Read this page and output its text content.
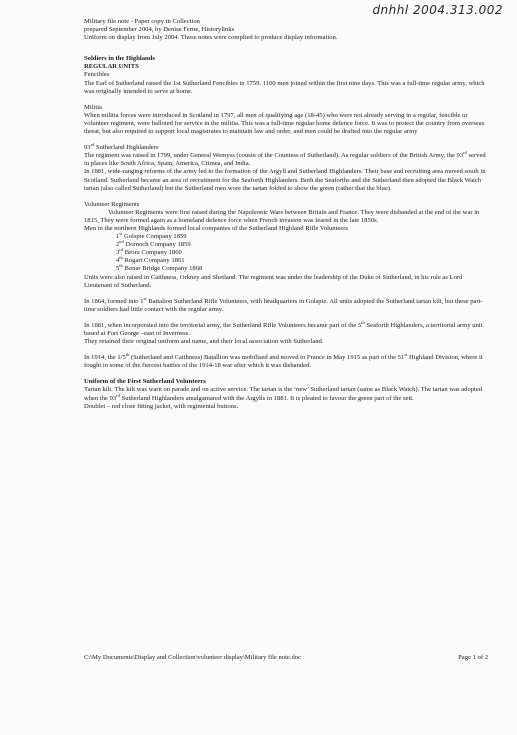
dnhhl 2004.313.002
Military file note - Paper copy in Collection
prepared September 2004, by Denise Ferne, Historylinks
Uniform on display from July 2004. These notes were complied to produce display information.
Soldiers in the Highlands
REGULAR UNITS
Fencibles

The Earl of Sutherland raised the 1st Sutherland Fencibles in 1759. 1100 men joined within the first nine days. This was a full-time regular army, which was originally intended to serve at home.

Militia

When militia forces were introduced in Scotland in 1797, all men of qualifying age (18-45) who were not already serving in a regular, fencible or volunteer regiment, were balloted for service in the militia. This was a full-time regular home defence force. It was to protect the country from overseas threat, but also required to support local magistrates to maintain law and order, and men could be drafted into the regular army

93rd Sutherland Highlanders

The regiment was raised in 1799, under General Wemyss (cousin of the Countess of Sutherland). As regular soldiers of the British Army, the 93rd served in places like South Africa, Spain, America, Crimea, and India.

In 1881, wide-ranging reforms of the army led to the formation of the Argyll and Sutherland Highlanders. Their base and recruiting area moved south in Scotland. Sutherland became an area of recruitment for the Seaforth Highlanders. Both the Seaforths and the Sutherland then adopted the Black Watch tartan (also called Sutherland) but the Sutherland men wore the tartan folded to show the green (rather that the blue).

Volunteer Regiments

Volunteer Regiments were first raised during the Napoleonic Wars between Britain and France. They were disbanded at the end of the war in 1815, They were formed again as a homeland defence force when French invasion was feared in the late 1850s.

Men in the northern Highlands formed local companies of the Sutherland Highland Rifle Volunteers

1st Golspie Company 1859
2nd Dornoch Company 1859
3rd Brora Company 1860
4th Rogart Company 1861
5th Bonar Bridge Company 1868

Units were also raised in Caithness, Orkney and Shetland. The regiment was under the leadership of the Duke of Sutherland, in his role as Lord Lieutenant of Sutherland.

In 1864, formed into 1st Battalion Sutherland Rifle Volunteers, with headquarters in Golspie. All units adopted the Sutherland tartan kilt, but these part-time soldiers had little contact with the regular army.

In 1881, when incorporated into the territorial army, the Sutherland Rifle Volunteers became part of the 5th Seaforth Highlanders, a territorial army unit based at Fort George –east of Inverness.

They retained their original uniform and name, and their local association with Sutherland.

In 1914, the 1/5th (Sutherland and Caithness) Batallion was mobilised and moved to France in May 1915 as part of the 51st Highland Division, where it fought in some of the fiercest battles of the 1914-18 war after which it was disbanded.

Uniform of the First Sutherland Volunteers

Tartan kilt. The kilt was warn on parade and on active service. The tartan is the ‘new’ Sutherland tartan (same as Black Watch). The tartan was adopted when the 93rd Sutherland Highlanders amalgamared with the Argylls in 1881. It is pleated to favour the green part of the sett.

Doublet – red close fitting jacket, with regimental buttons.

C:\My Documents\Display and Collection\volunteer display\Military file note.doc	Page 1 of 2
